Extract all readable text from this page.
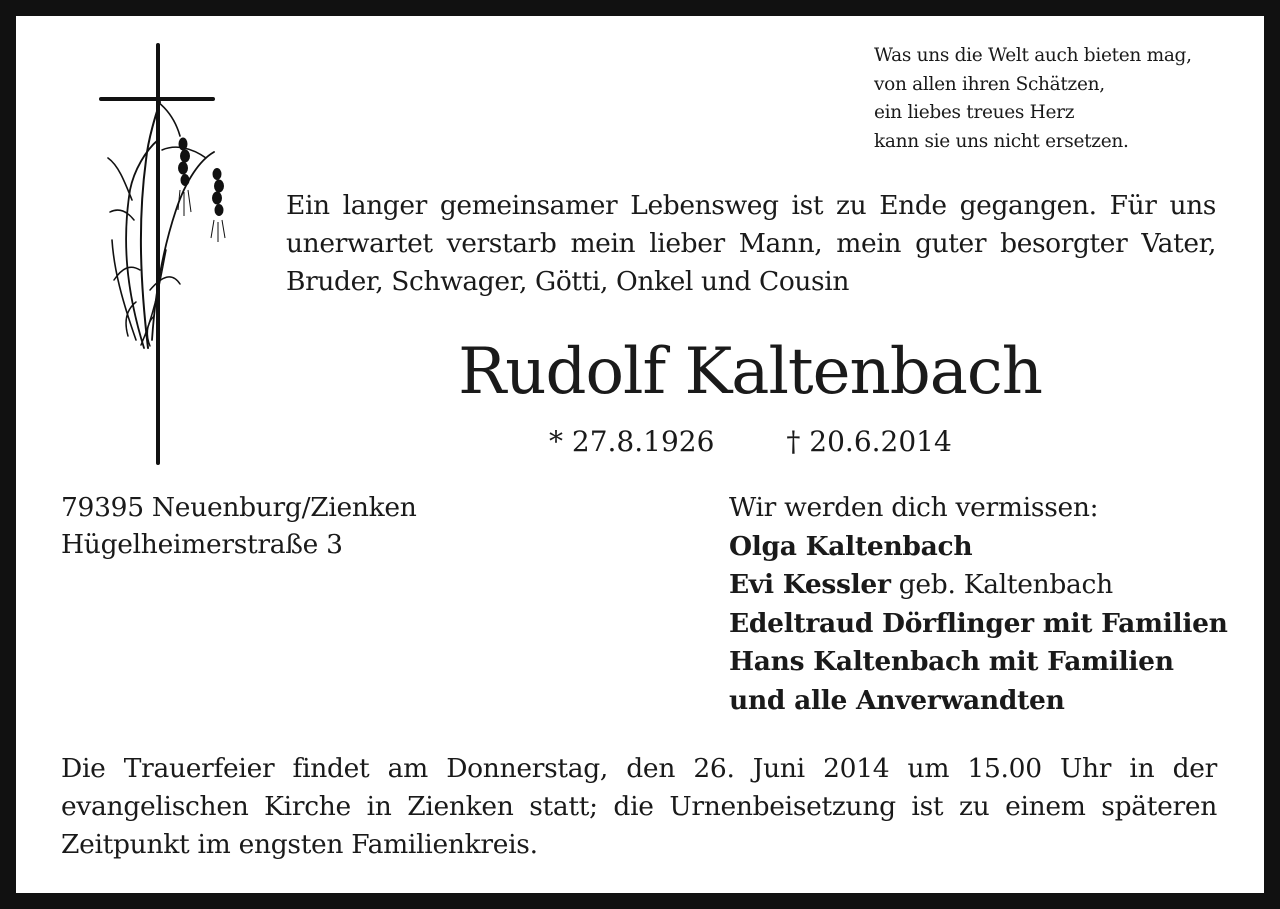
Was uns die Welt auch bieten mag,
von allen ihren Schätzen,
ein liebes treues Herz
kann sie uns nicht ersetzen.
Ein langer gemeinsamer Lebensweg ist zu Ende gegangen. Für uns
unerwartet verstarb mein lieber Mann, mein guter besorgter Vater,
Bruder, Schwager, Götti, Onkel und Cousin
Rudolf Kaltenbach
* 27.8.1926	† 20.6.2014
79395 Neuenburg/Zienken
Hügelheimerstraße 3
Wir werden dich vermissen:
Olga Kaltenbach
Evi Kessler geb. Kaltenbach
Edeltraud Dörflinger mit Familien
Hans Kaltenbach mit Familien
und alle Anverwandten
Die Trauerfeier findet am Donnerstag, den 26. Juni 2014 um 15.00 Uhr in der
evangelischen Kirche in Zienken statt; die Urnenbeisetzung ist zu einem späteren
Zeitpunkt im engsten Familienkreis.
